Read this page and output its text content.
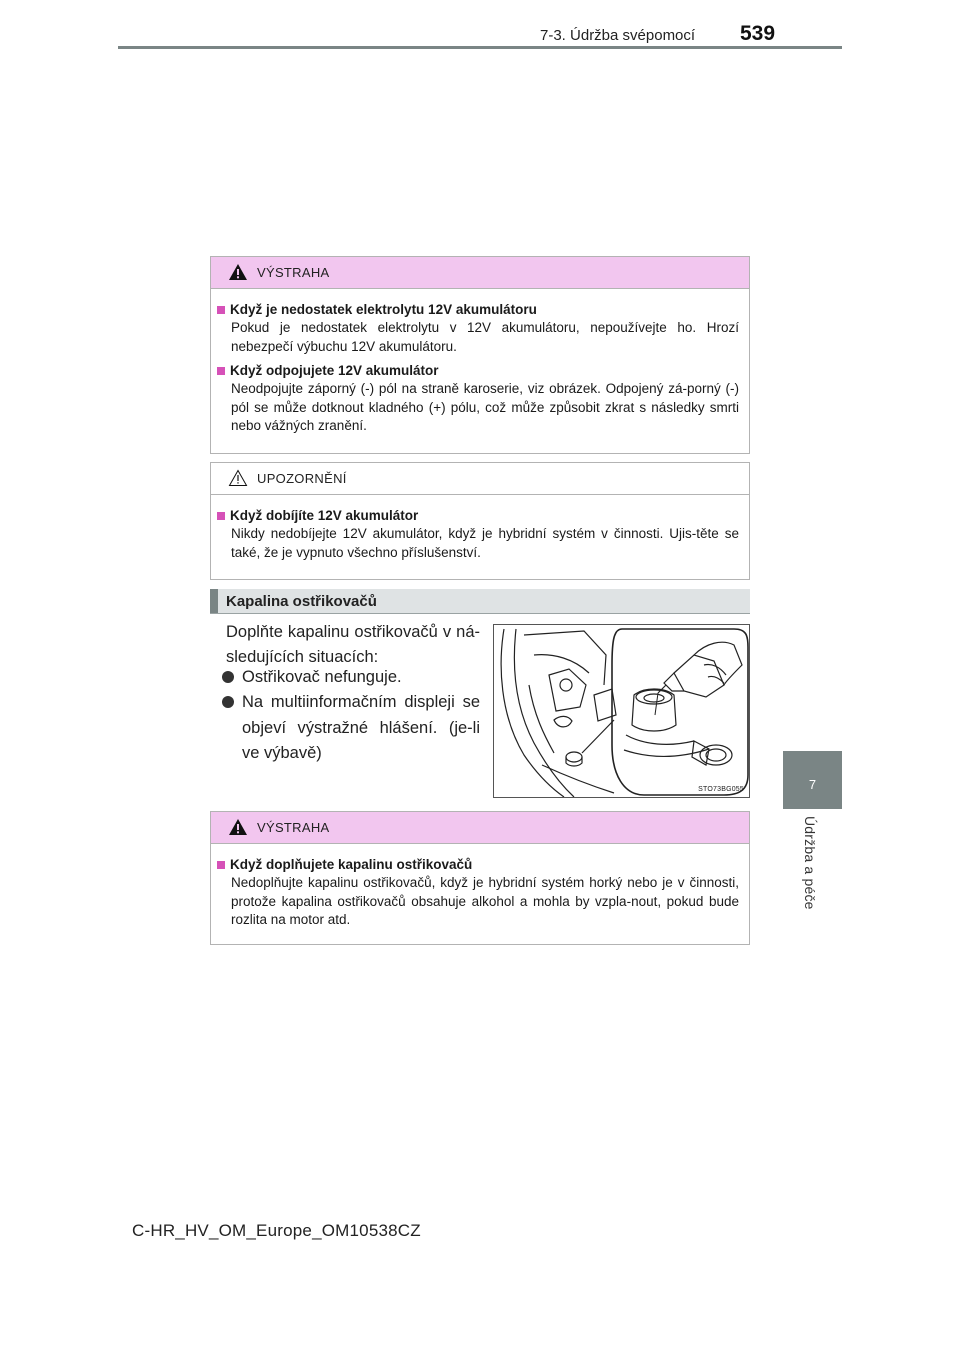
7-3. Údržba svépomocí 539
7
Údržba a péče
VÝSTRAHA
Když je nedostatek elektrolytu 12V akumulátoru
Pokud je nedostatek elektrolytu v 12V akumulátoru, nepoužívejte ho. Hrozí nebezpečí výbuchu 12V akumulátoru.
Když odpojujete 12V akumulátor
Neodpojujte záporný (-) pól na straně karoserie, viz obrázek. Odpojený zá-porný (-) pól se může dotknout kladného (+) pólu, což může způsobit zkrat s následky smrti nebo vážných zranění.
UPOZORNĚNÍ
Když dobíjíte 12V akumulátor
Nikdy nedobíjejte 12V akumulátor, když je hybridní systém v činnosti. Ujis-těte se také, že je vypnuto všechno příslušenství.
Kapalina ostřikovačů
Doplňte kapalinu ostřikovačů v ná-sledujících situacích:
Ostřikovač nefunguje.
Na multiinformačním displeji se objeví výstražné hlášení. (je-li ve výbavě)
STO73BG055
VÝSTRAHA
Když doplňujete kapalinu ostřikovačů
Nedoplňujte kapalinu ostřikovačů, když je hybridní systém horký nebo je v činnosti, protože kapalina ostřikovačů obsahuje alkohol a mohla by vzpla-nout, pokud bude rozlita na motor atd.
C-HR_HV_OM_Europe_OM10538CZ
